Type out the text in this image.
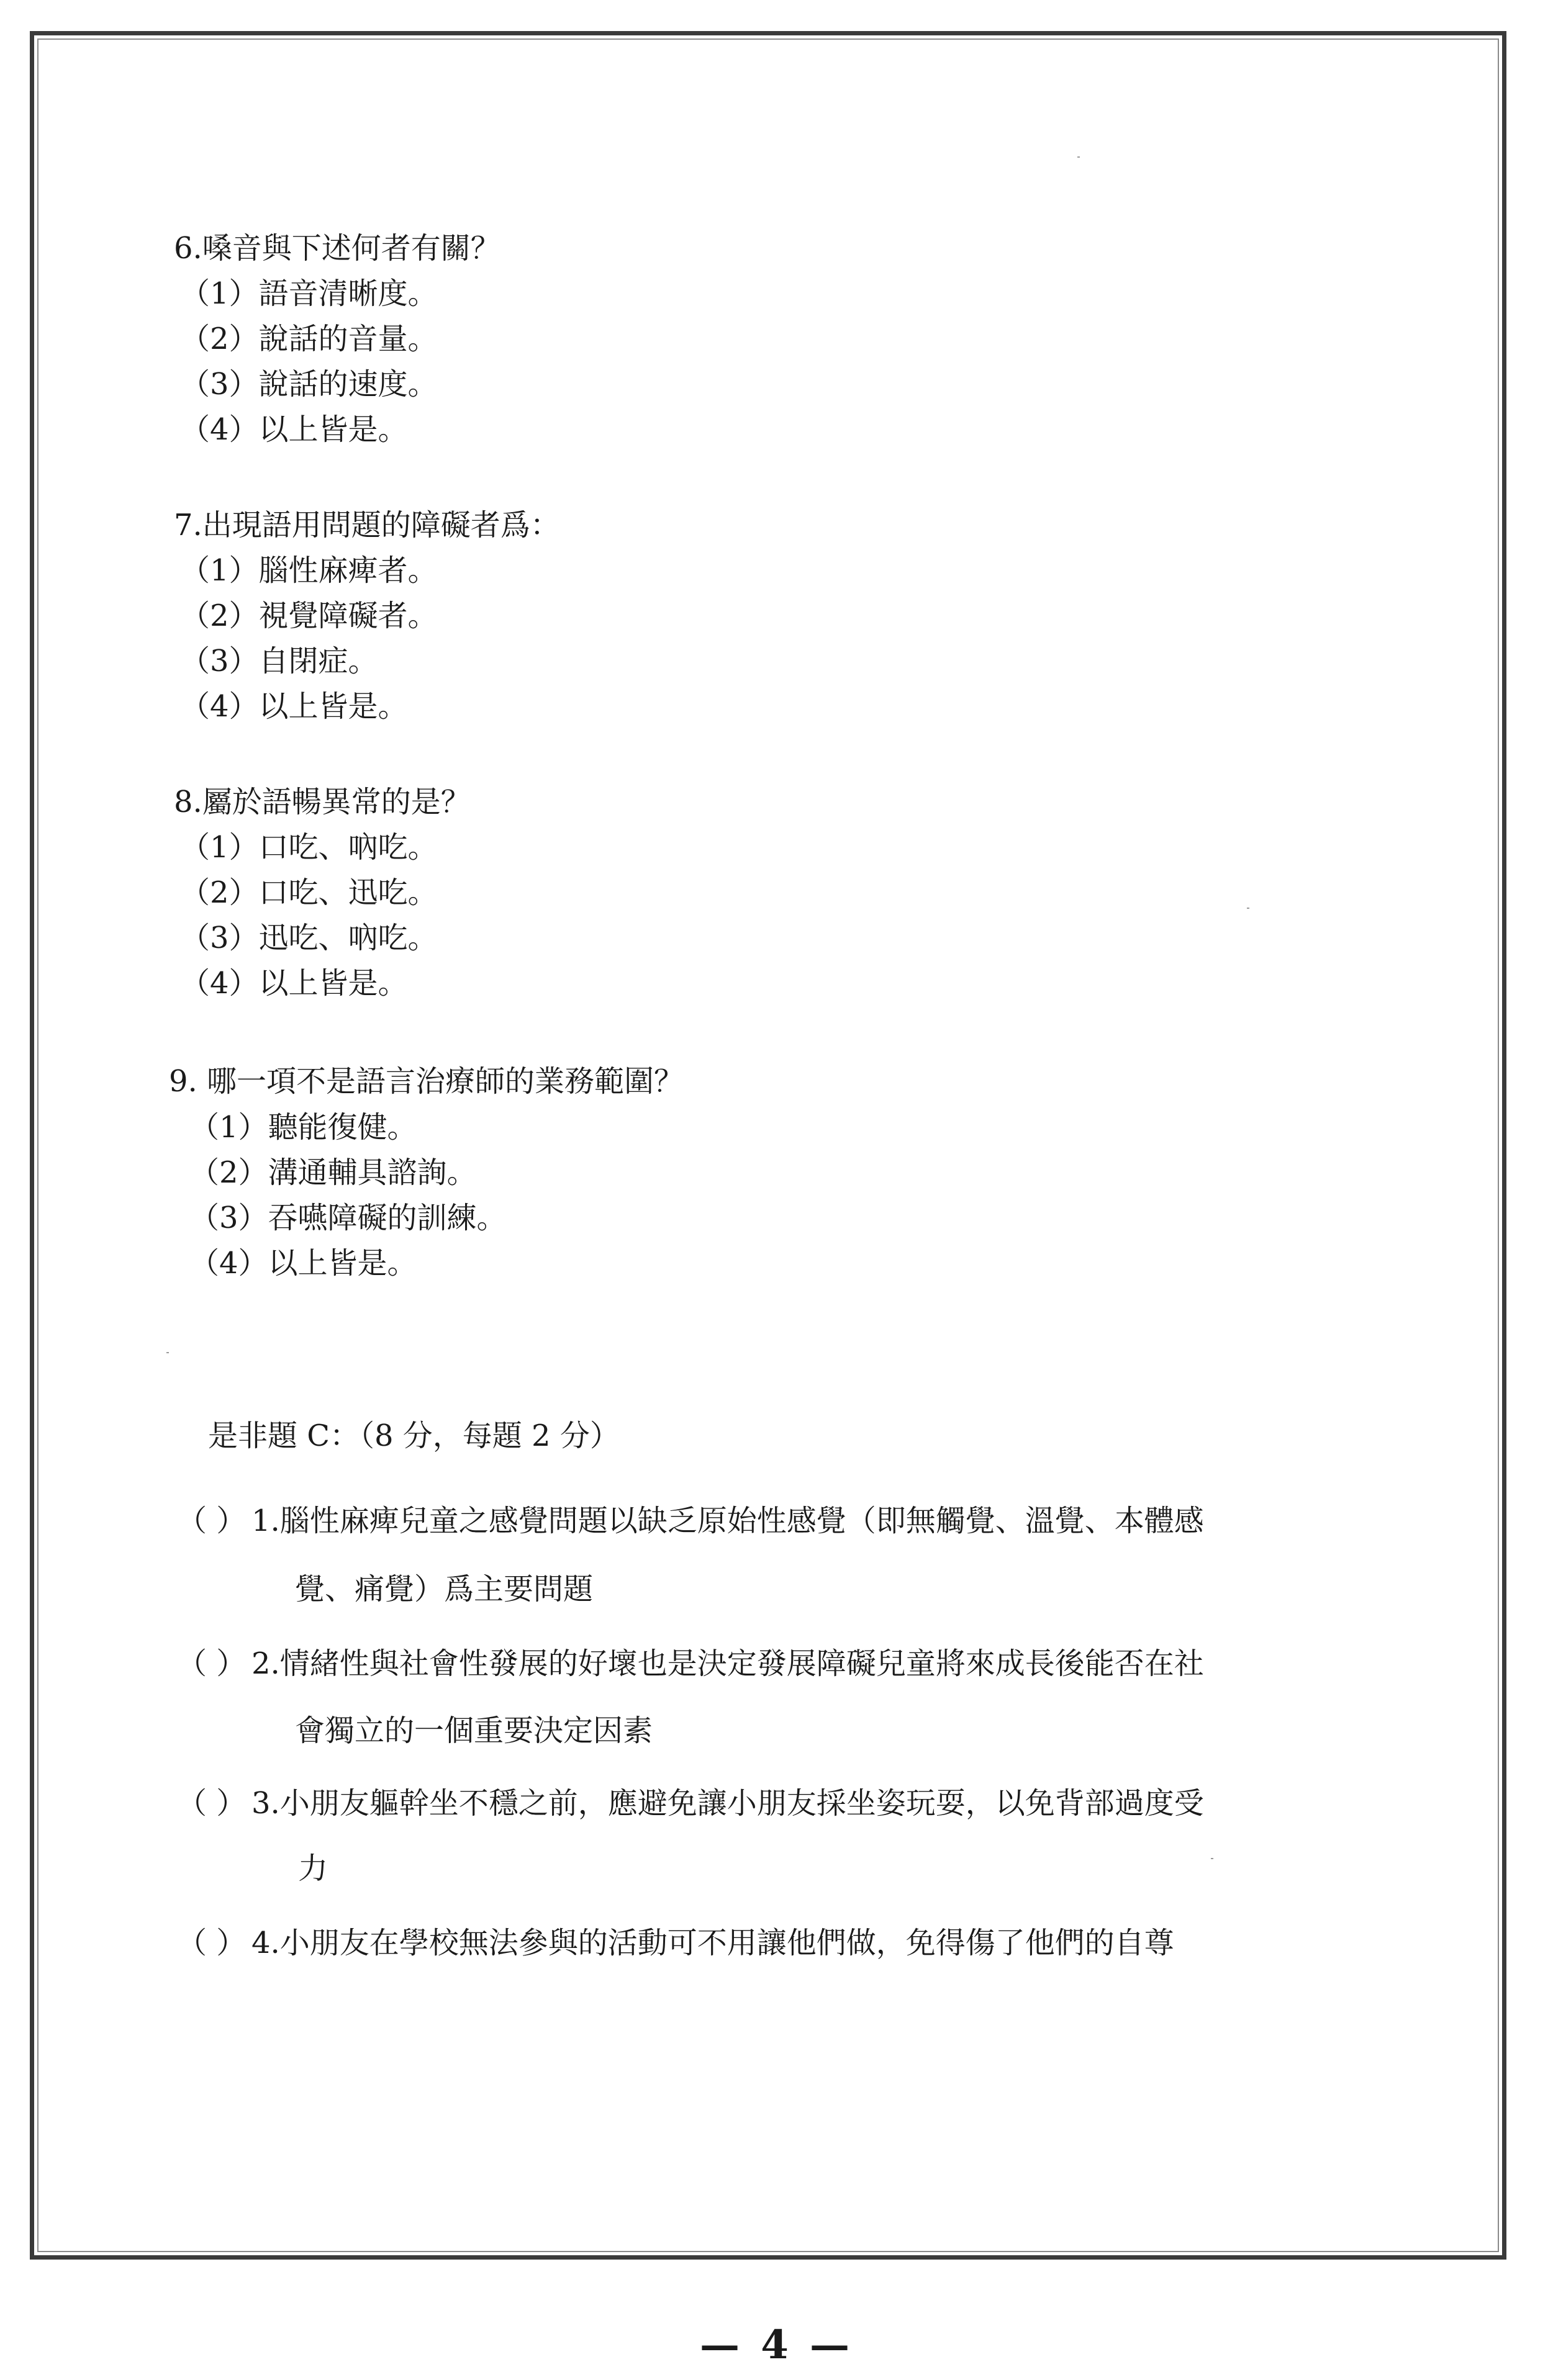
6.嗓音與下述何者有關？
（1）語音清晰度。
（2）說話的音量。
（3）說話的速度。
（4）以上皆是。
7.出現語用問題的障礙者爲：
（1）腦性麻痺者。
（2）視覺障礙者。
（3）自閉症。
（4）以上皆是。
8.屬於語暢異常的是？
（1）口吃、吶吃。
（2）口吃、迅吃。
（3）迅吃、吶吃。
（4）以上皆是。
9. 哪一項不是語言治療師的業務範圍？
（1）聽能復健。
（2）溝通輔具諮詢。
（3）吞嚥障礙的訓練。
（4）以上皆是。
是非題 C：（8 分，每題 2 分）
（ ） 1.腦性麻痺兒童之感覺問題以缺乏原始性感覺（即無觸覺、溫覺、本體感
覺、痛覺）爲主要問題
（ ） 2.情緒性與社會性發展的好壞也是決定發展障礙兒童將來成長後能否在社
會獨立的一個重要決定因素
（ ） 3.小朋友軀幹坐不穩之前，應避免讓小朋友採坐姿玩耍，以免背部過度受
力
（ ） 4.小朋友在學校無法參與的活動可不用讓他們做，免得傷了他們的自尊
— 4 —
